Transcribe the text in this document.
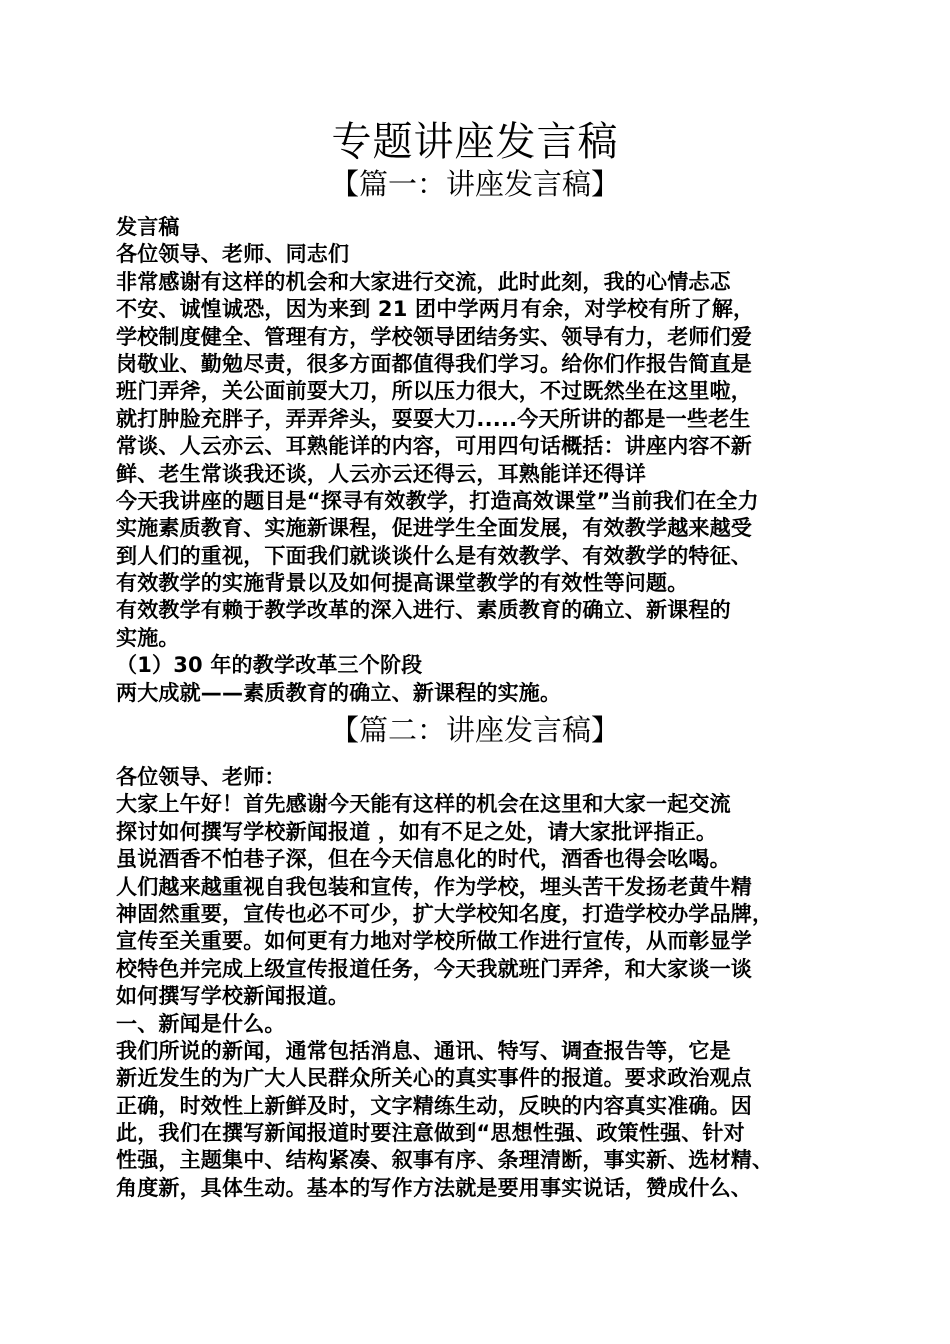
专题讲座发言稿
【篇一：讲座发言稿】
发言稿
各位领导、老师、同志们
非常感谢有这样的机会和大家进行交流，此时此刻，我的心情忐忑
不安、诚惶诚恐，因为来到 21 团中学两月有余，对学校有所了解，
学校制度健全、管理有方，学校领导团结务实、领导有力，老师们爱
岗敬业、勤勉尽责，很多方面都值得我们学习。给你们作报告简直是
班门弄斧，关公面前耍大刀，所以压力很大，不过既然坐在这里啦，
就打肿脸充胖子，弄弄斧头，耍耍大刀.....今天所讲的都是一些老生
常谈、人云亦云、耳熟能详的内容，可用四句话概括：讲座内容不新
鲜、老生常谈我还谈，人云亦云还得云，耳熟能详还得详
今天我讲座的题目是“探寻有效教学，打造高效课堂”当前我们在全力
实施素质教育、实施新课程，促进学生全面发展，有效教学越来越受
到人们的重视，下面我们就谈谈什么是有效教学、有效教学的特征、
有效教学的实施背景以及如何提高课堂教学的有效性等问题。
有效教学有赖于教学改革的深入进行、素质教育的确立、新课程的
实施。
（1）30 年的教学改革三个阶段
两大成就——素质教育的确立、新课程的实施。
【篇二：讲座发言稿】
各位领导、老师：
大家上午好！首先感谢今天能有这样的机会在这里和大家一起交流
探讨如何撰写学校新闻报道 ，如有不足之处，请大家批评指正。
虽说酒香不怕巷子深，但在今天信息化的时代，酒香也得会吆喝。
人们越来越重视自我包装和宣传，作为学校，埋头苦干发扬老黄牛精
神固然重要，宣传也必不可少，扩大学校知名度，打造学校办学品牌，
宣传至关重要。如何更有力地对学校所做工作进行宣传，从而彰显学
校特色并完成上级宣传报道任务，今天我就班门弄斧，和大家谈一谈
如何撰写学校新闻报道。
一、新闻是什么。
我们所说的新闻，通常包括消息、通讯、特写、调查报告等，它是
新近发生的为广大人民群众所关心的真实事件的报道。要求政治观点
正确，时效性上新鲜及时，文字精练生动，反映的内容真实准确。因
此，我们在撰写新闻报道时要注意做到“思想性强、政策性强、针对
性强，主题集中、结构紧凑、叙事有序、条理清断，事实新、选材精、
角度新，具体生动。基本的写作方法就是要用事实说话，赞成什么、
